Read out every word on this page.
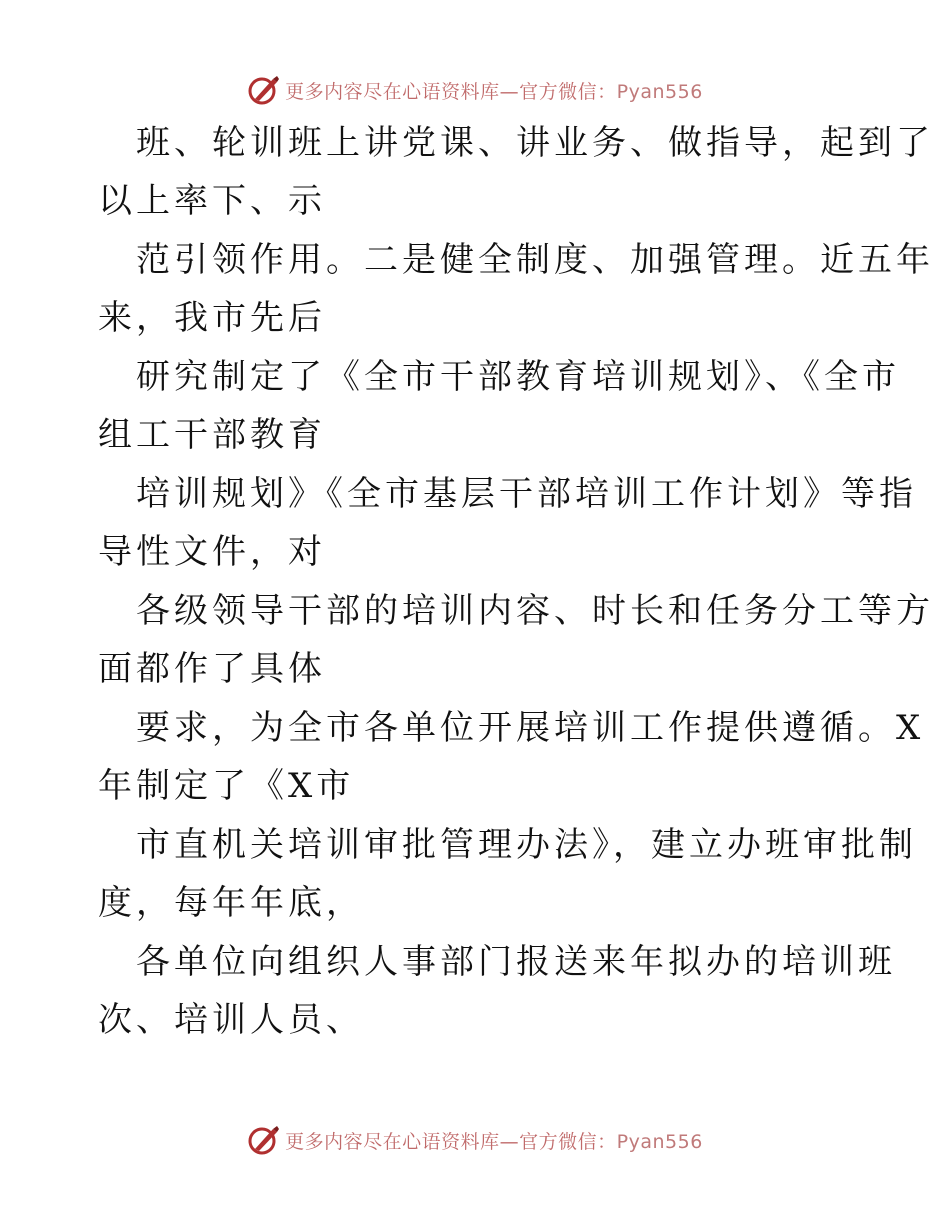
更多内容尽在心语资料库—官方微信：Pyan556
班、轮训班上讲党课、讲业务、做指导，起到了
以上率下、示
范引领作用。二是健全制度、加强管理。近五年
来，我市先后
研究制定了《全市干部教育培训规划》、《全市
组工干部教育
培训规划》《全市基层干部培训工作计划》等指
导性文件，对
各级领导干部的培训内容、时长和任务分工等方
面都作了具体
要求，为全市各单位开展培训工作提供遵循。X
年制定了《X市
市直机关培训审批管理办法》，建立办班审批制
度，每年年底，
各单位向组织人事部门报送来年拟办的培训班
次、培训人员、
更多内容尽在心语资料库—官方微信：Pyan556
